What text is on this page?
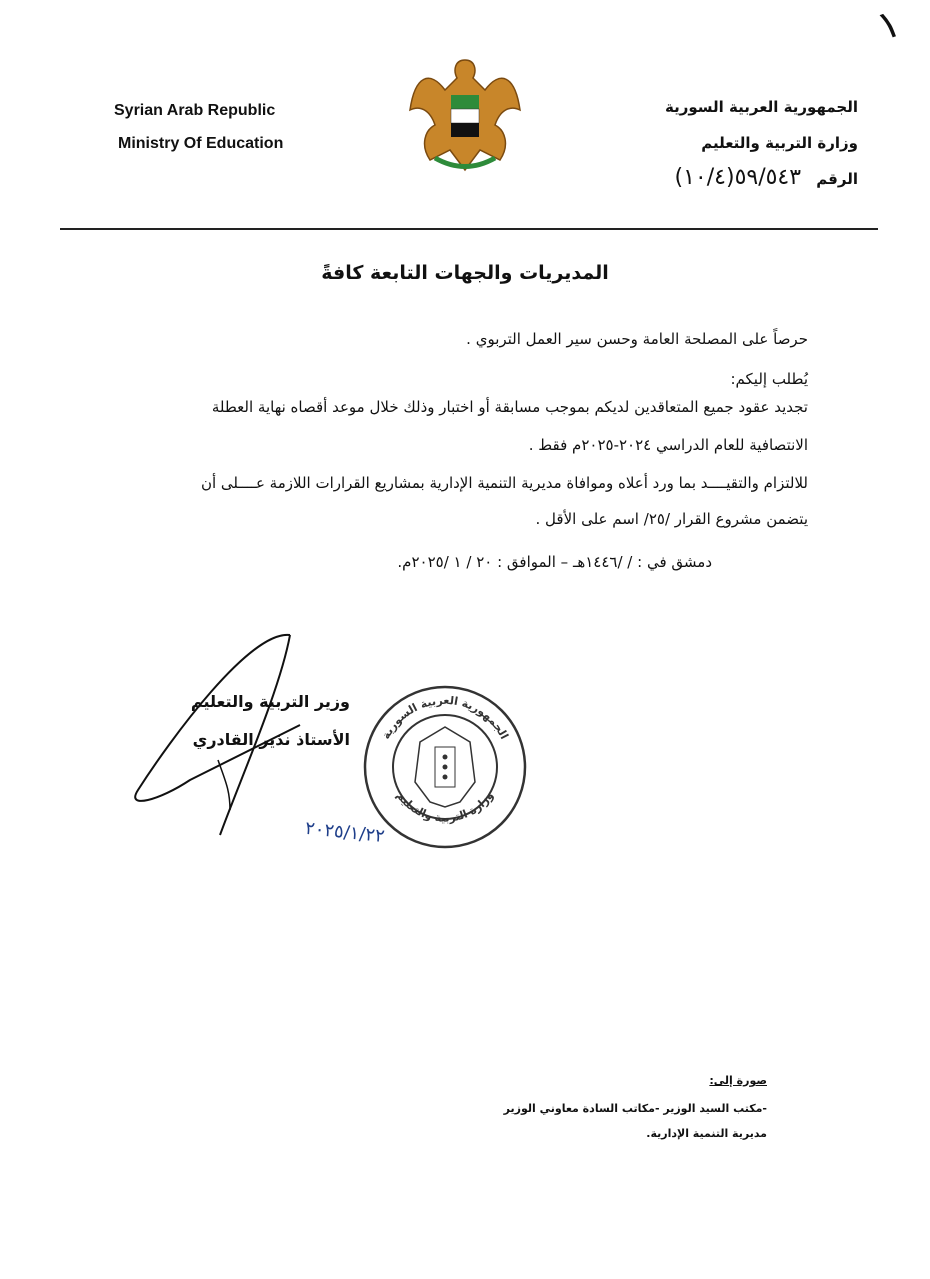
١
Syrian Arab Republic
Ministry Of Education
الجمهورية العربية السورية
وزارة التربية والتعليم
الرقم ٥٩/٥٤٣(١٠/٤)
المديريات والجهات التابعة كافةً
حرصاً على المصلحة العامة وحسن سير العمل التربوي .
يُطلب إليكم:
تجديد عقود جميع المتعاقدين لديكم بموجب مسابقة أو اختبار وذلك خلال موعد أقصاه نهاية العطلة
الانتصافية للعام الدراسي ٢٠٢٤-٢٠٢٥م فقط .
للالتزام والتقيــــد بما ورد أعلاه وموافاة مديرية التنمية الإدارية بمشاريع القرارات اللازمة عــــلى أن
يتضمن مشروع القرار /٢٥/ اسم على الأقل .
دمشق في : / /١٤٤٦هـ – الموافق : ٢٠ / ١ /٢٠٢٥م.
وزير التربية والتعليم
الأستاذ نذير القادري	الجمهورية العربية السورية
وزارة التربية والتعليم
٢٠٢٥/١/٢٢
صورة إلى:
-مكتب السيد الوزير -مكاتب السادة معاوني الوزير
مديرية التنمية الإدارية.
